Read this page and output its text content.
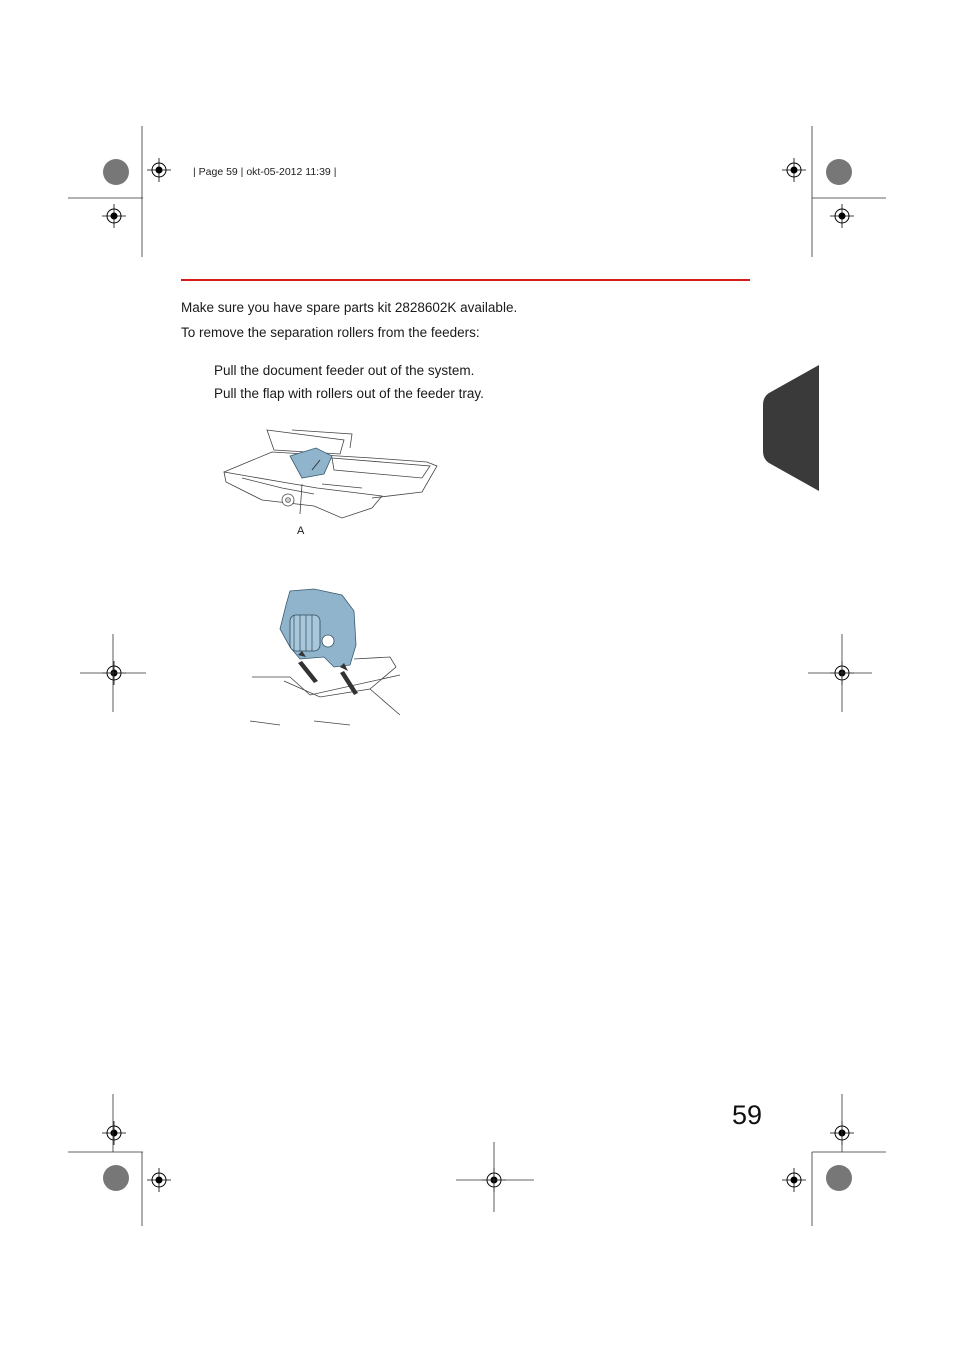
| Page 59 | okt-05-2012 11:39 |
Make sure you have spare parts kit 2828602K available.
To remove the separation rollers from the feeders:
Pull the document feeder out of the system.
Pull the flap with rollers out of the feeder tray.
A
59
